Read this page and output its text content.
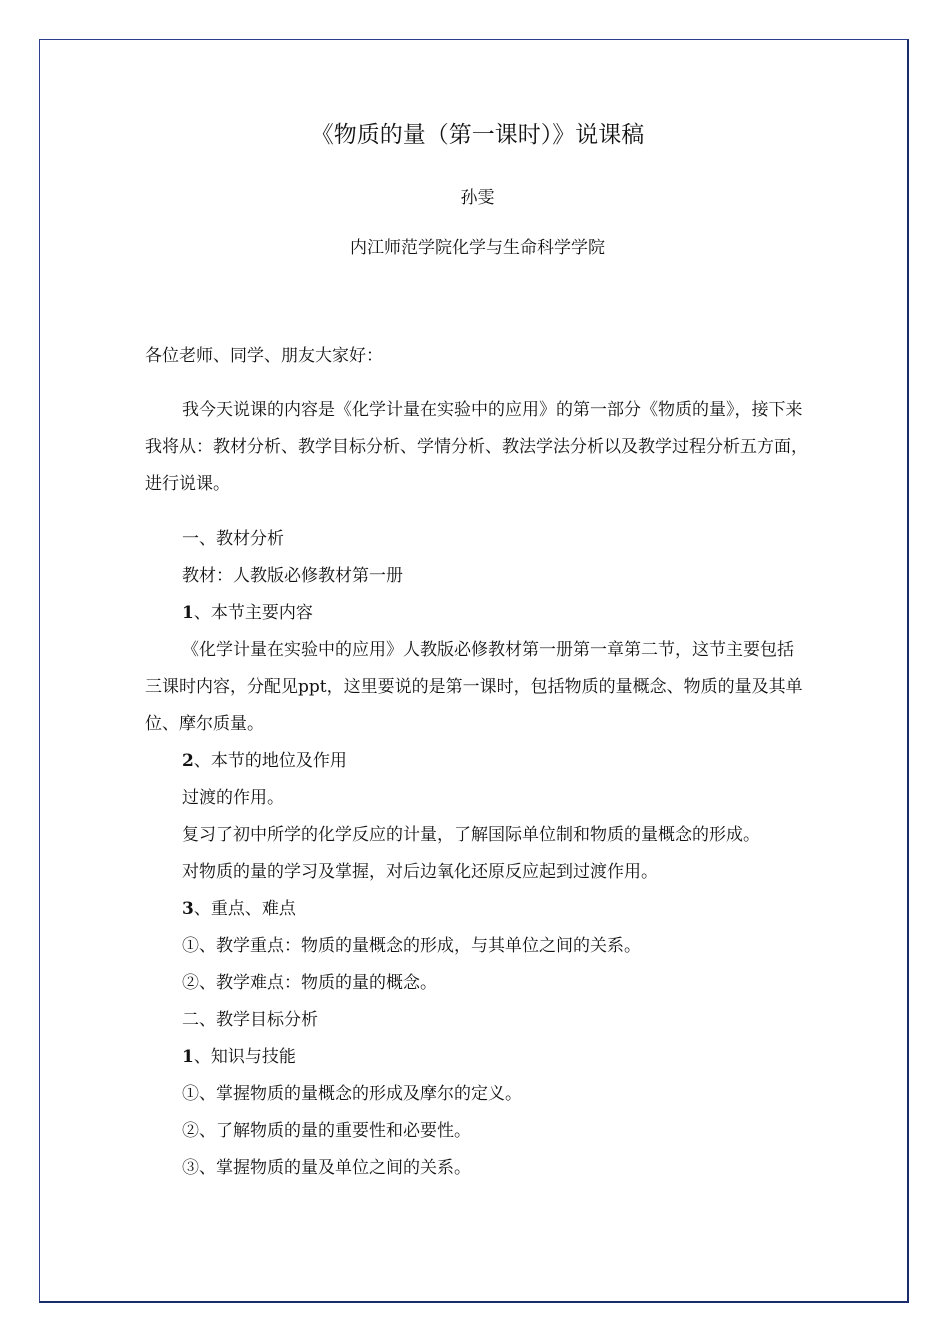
《物质的量（第一课时）》说课稿
孙雯
内江师范学院化学与生命科学学院

各位老师、同学、朋友大家好：

我今天说课的内容是《化学计量在实验中的应用》的第一部分《物质的量》，接下来我将从：教材分析、教学目标分析、学情分析、教法学法分析以及教学过程分析五方面，进行说课。

一、教材分析

教材：人教版必修教材第一册

1、本节主要内容

《化学计量在实验中的应用》人教版必修教材第一册第一章第二节，这节主要包括三课时内容，分配见ppt，这里要说的是第一课时，包括物质的量概念、物质的量及其单位、摩尔质量。

2、本节的地位及作用

过渡的作用。

复习了初中所学的化学反应的计量，了解国际单位制和物质的量概念的形成。

对物质的量的学习及掌握，对后边氧化还原反应起到过渡作用。

3、重点、难点

①、教学重点：物质的量概念的形成，与其单位之间的关系。

②、教学难点：物质的量的概念。

二、教学目标分析

1、知识与技能

①、掌握物质的量概念的形成及摩尔的定义。

②、了解物质的量的重要性和必要性。

③、掌握物质的量及单位之间的关系。
